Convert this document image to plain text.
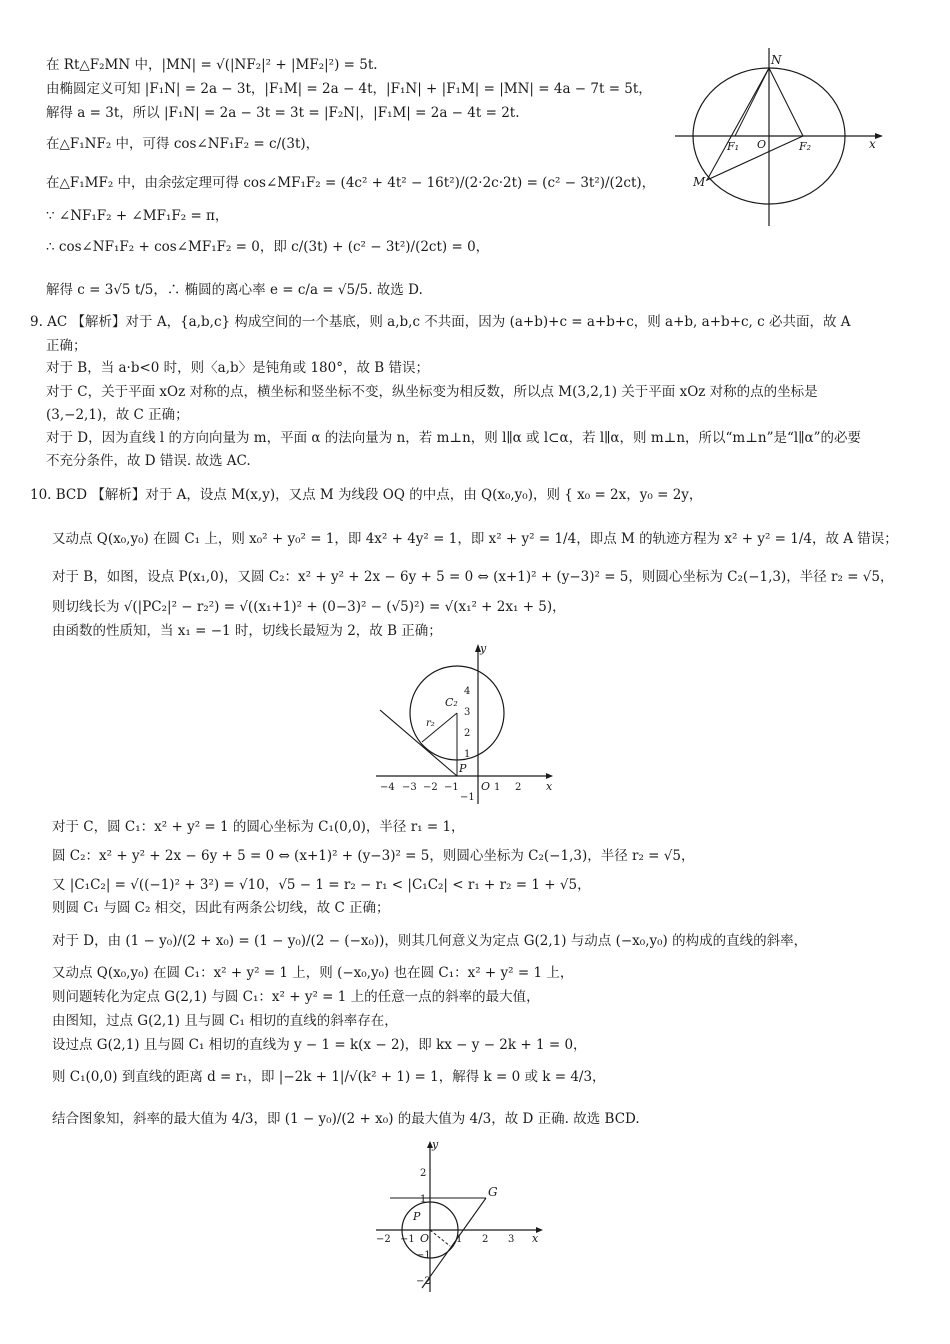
在 Rt△F₂MN 中，|MN| = √(|NF₂|² + |MF₂|²) = 5t.
由椭圆定义可知 |F₁N| = 2a − 3t，|F₁M| = 2a − 4t，|F₁N| + |F₁M| = |MN| = 4a − 7t = 5t，
解得 a = 3t，所以 |F₁N| = 2a − 3t = 3t = |F₂N|，|F₁M| = 2a − 4t = 2t.
在△F₁NF₂ 中，可得 cos∠NF₁F₂ = c/(3t)，
在△F₁MF₂ 中，由余弦定理可得 cos∠MF₁F₂ = (4c² + 4t² − 16t²)/(2·2c·2t) = (c² − 3t²)/(2ct)，
∵ ∠NF₁F₂ + ∠MF₁F₂ = π，
∴ cos∠NF₁F₂ + cos∠MF₁F₂ = 0，即 c/(3t) + (c² − 3t²)/(2ct) = 0，
解得 c = 3√5 t/5，∴ 椭圆的离心率 e = c/a = √5/5. 故选 D.
9. AC 【解析】对于 A，{a,b,c} 构成空间的一个基底，则 a,b,c 不共面，因为 (a+b)+c = a+b+c，则 a+b, a+b+c, c 必共面，故 A
正确；
对于 B，当 a·b<0 时，则〈a,b〉是钝角或 180°，故 B 错误；
对于 C，关于平面 xOz 对称的点，横坐标和竖坐标不变，纵坐标变为相反数，所以点 M(3,2,1) 关于平面 xOz 对称的点的坐标是
(3,−2,1)，故 C 正确；
对于 D，因为直线 l 的方向向量为 m，平面 α 的法向量为 n，若 m⊥n，则 l∥α 或 l⊂α，若 l∥α，则 m⊥n，所以“m⊥n”是“l∥α”的必要
不充分条件，故 D 错误. 故选 AC.
10. BCD 【解析】对于 A，设点 M(x,y)，又点 M 为线段 OQ 的中点，由 Q(x₀,y₀)，则 { x₀ = 2x，y₀ = 2y，
又动点 Q(x₀,y₀) 在圆 C₁ 上，则 x₀² + y₀² = 1，即 4x² + 4y² = 1，即 x² + y² = 1/4，即点 M 的轨迹方程为 x² + y² = 1/4，故 A 错误；
对于 B，如图，设点 P(x₁,0)，又圆 C₂：x² + y² + 2x − 6y + 5 = 0 ⇔ (x+1)² + (y−3)² = 5，则圆心坐标为 C₂(−1,3)，半径 r₂ = √5，
则切线长为 √(|PC₂|² − r₂²) = √((x₁+1)² + (0−3)² − (√5)²) = √(x₁² + 2x₁ + 5)，
由函数的性质知，当 x₁ = −1 时，切线长最短为 2，故 B 正确；
对于 C，圆 C₁：x² + y² = 1 的圆心坐标为 C₁(0,0)，半径 r₁ = 1，
圆 C₂：x² + y² + 2x − 6y + 5 = 0 ⇔ (x+1)² + (y−3)² = 5，则圆心坐标为 C₂(−1,3)，半径 r₂ = √5，
又 |C₁C₂| = √((−1)² + 3²) = √10，√5 − 1 = r₂ − r₁ < |C₁C₂| < r₁ + r₂ = 1 + √5，
则圆 C₁ 与圆 C₂ 相交，因此有两条公切线，故 C 正确；
对于 D，由 (1 − y₀)/(2 + x₀) = (1 − y₀)/(2 − (−x₀))，则其几何意义为定点 G(2,1) 与动点 (−x₀,y₀) 的构成的直线的斜率，
又动点 Q(x₀,y₀) 在圆 C₁：x² + y² = 1 上，则 (−x₀,y₀) 也在圆 C₁：x² + y² = 1 上，
则问题转化为定点 G(2,1) 与圆 C₁：x² + y² = 1 上的任意一点的斜率的最大值，
由图知，过点 G(2,1) 且与圆 C₁ 相切的直线的斜率存在，
设过点 G(2,1) 且与圆 C₁ 相切的直线为 y − 1 = k(x − 2)，即 kx − y − 2k + 1 = 0，
则 C₁(0,0) 到直线的距离 d = r₁，即 |−2k + 1|/√(k² + 1) = 1，解得 k = 0 或 k = 4/3，
结合图象知，斜率的最大值为 4/3，即 (1 − y₀)/(2 + x₀) 的最大值为 4/3，故 D 正确. 故选 BCD.
N
x
F₁ O	F₂
M
y
x
C₂
r₂
P
O
4
3
2
1
−1
−4 −3 −2 −1	1 2
y
x
G
P
O
2
1
−1
−2
−2 −1	1 2 3
